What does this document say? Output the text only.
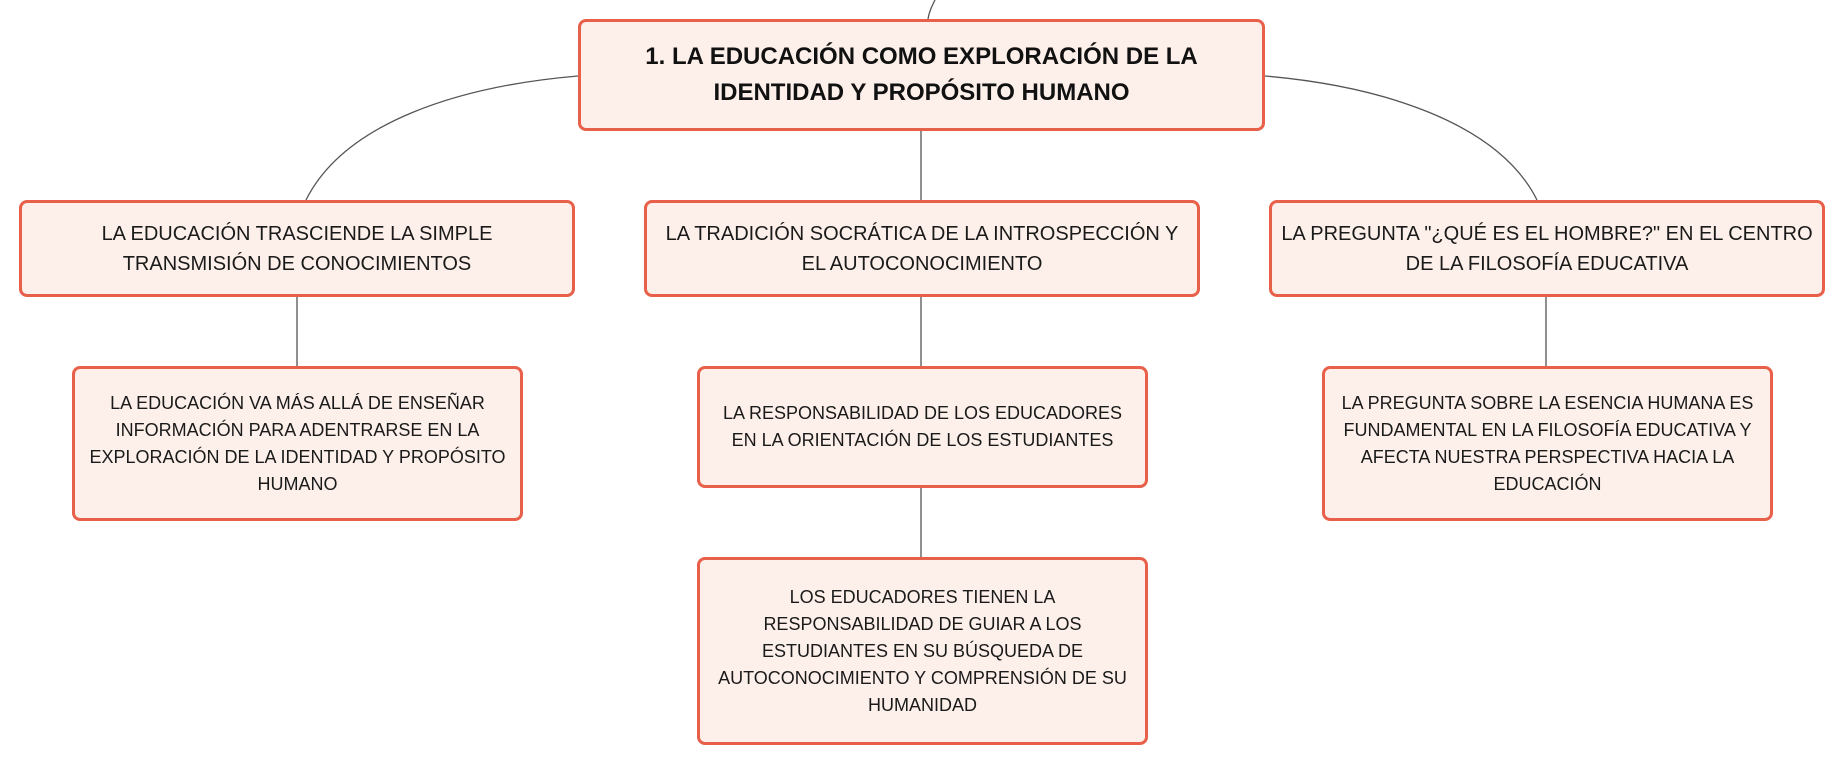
1. LA EDUCACIÓN COMO EXPLORACIÓN DE LA IDENTIDAD Y PROPÓSITO HUMANO
LA EDUCACIÓN TRASCIENDE LA SIMPLE TRANSMISIÓN DE CONOCIMIENTOS
LA TRADICIÓN SOCRÁTICA DE LA INTROSPECCIÓN Y EL AUTOCONOCIMIENTO
LA PREGUNTA "¿QUÉ ES EL HOMBRE?" EN EL CENTRO DE LA FILOSOFÍA EDUCATIVA
LA EDUCACIÓN VA MÁS ALLÁ DE ENSEÑAR INFORMACIÓN PARA ADENTRARSE EN LA EXPLORACIÓN DE LA IDENTIDAD Y PROPÓSITO HUMANO
LA RESPONSABILIDAD DE LOS EDUCADORES EN LA ORIENTACIÓN DE LOS ESTUDIANTES
LOS EDUCADORES TIENEN LA RESPONSABILIDAD DE GUIAR A LOS ESTUDIANTES EN SU BÚSQUEDA DE AUTOCONOCIMIENTO Y COMPRENSIÓN DE SU HUMANIDAD
LA PREGUNTA SOBRE LA ESENCIA HUMANA ES FUNDAMENTAL EN LA FILOSOFÍA EDUCATIVA Y AFECTA NUESTRA PERSPECTIVA HACIA LA EDUCACIÓN
